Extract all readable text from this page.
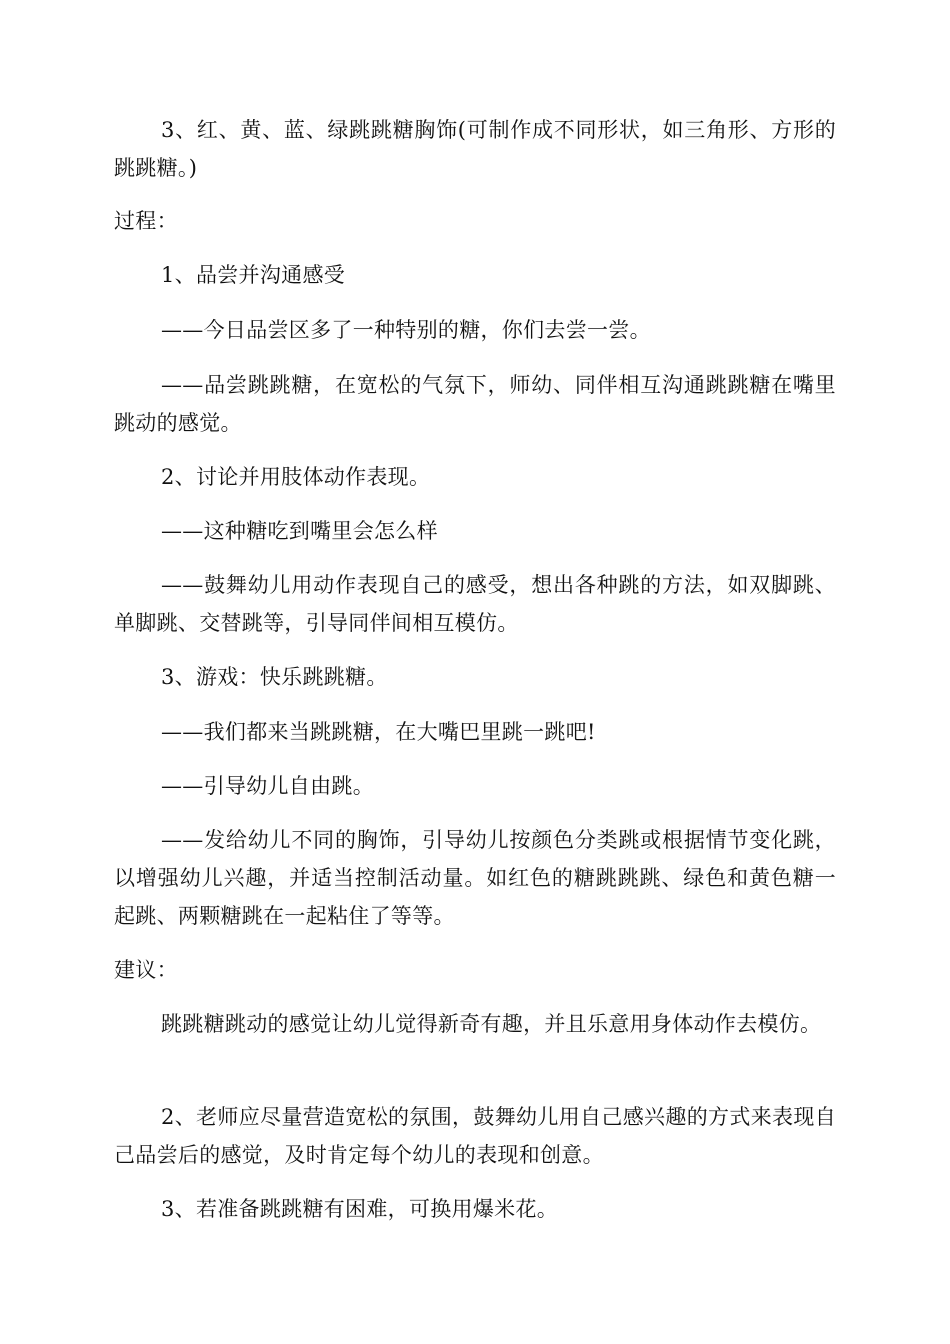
3、红、黄、蓝、绿跳跳糖胸饰(可制作成不同形状，如三角形、方形的跳跳糖。)

过程：

1、品尝并沟通感受

——今日品尝区多了一种特别的糖，你们去尝一尝。

——品尝跳跳糖，在宽松的气氛下，师幼、同伴相互沟通跳跳糖在嘴里跳动的感觉。

2、讨论并用肢体动作表现。

——这种糖吃到嘴里会怎么样

——鼓舞幼儿用动作表现自己的感受，想出各种跳的方法，如双脚跳、单脚跳、交替跳等，引导同伴间相互模仿。

3、游戏：快乐跳跳糖。

——我们都来当跳跳糖，在大嘴巴里跳一跳吧!

——引导幼儿自由跳。

——发给幼儿不同的胸饰，引导幼儿按颜色分类跳或根据情节变化跳，以增强幼儿兴趣，并适当控制活动量。如红色的糖跳跳跳、绿色和黄色糖一起跳、两颗糖跳在一起粘住了等等。

建议：

跳跳糖跳动的感觉让幼儿觉得新奇有趣，并且乐意用身体动作去模仿。

2、老师应尽量营造宽松的氛围，鼓舞幼儿用自己感兴趣的方式来表现自己品尝后的感觉，及时肯定每个幼儿的表现和创意。

3、若准备跳跳糖有困难，可换用爆米花。
